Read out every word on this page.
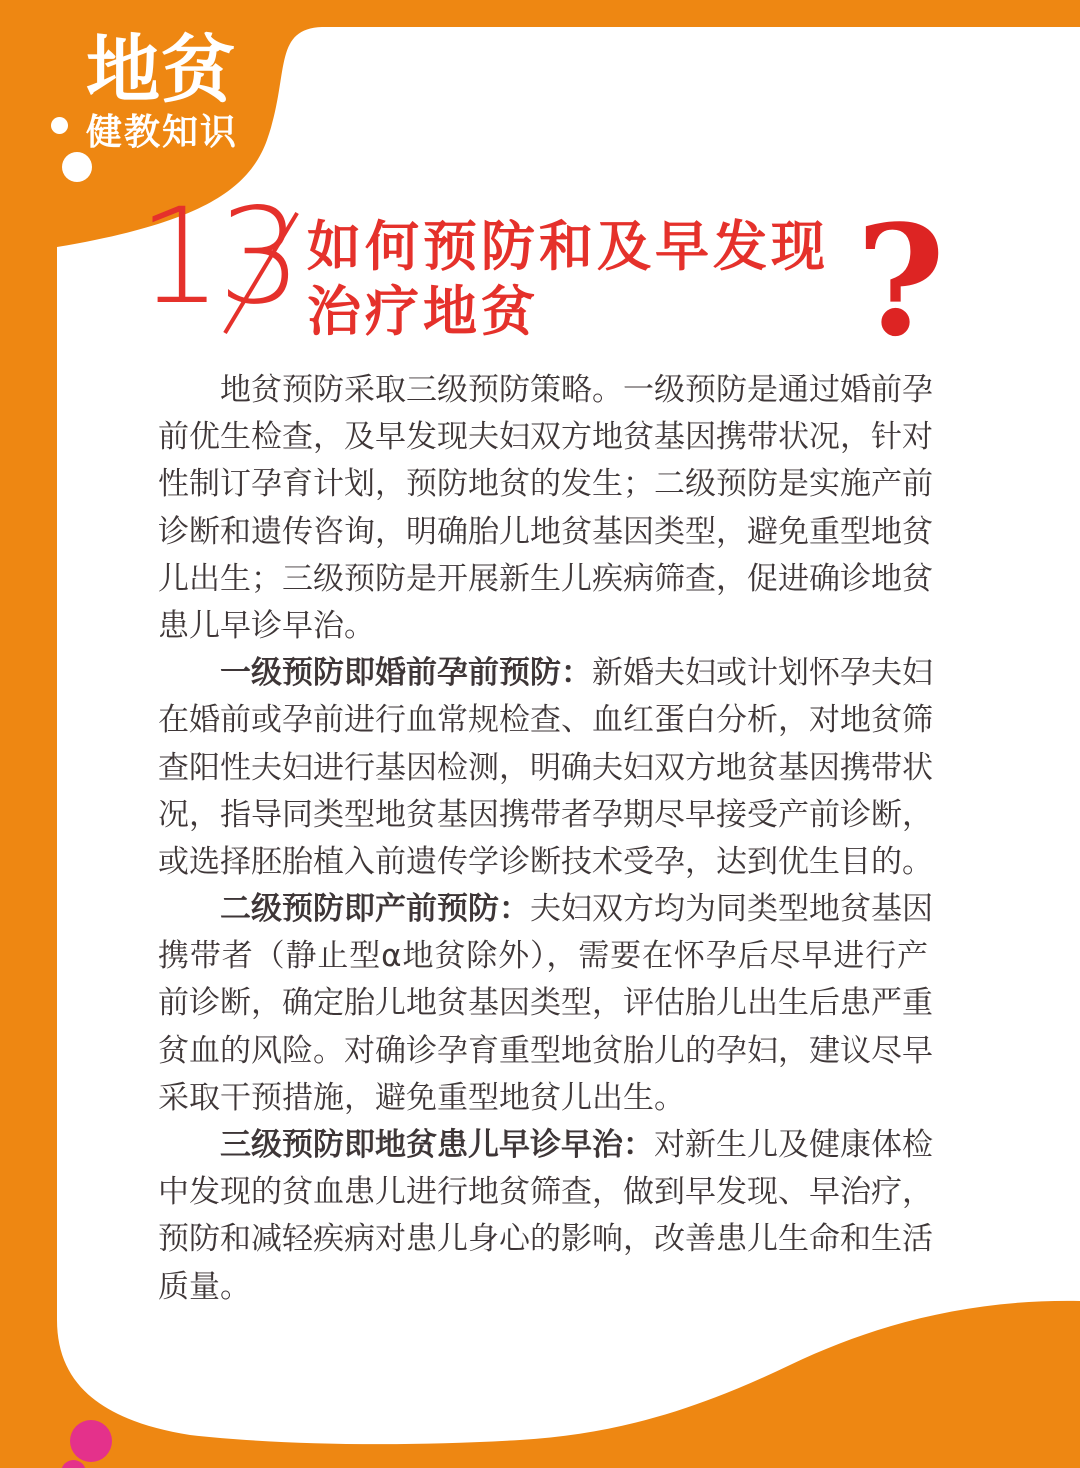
地贫
健教知识
13 如何预防和及早发现
治疗地贫	?
地贫预防采取三级预防策略。一级预防是通过婚前孕
前优生检查，及早发现夫妇双方地贫基因携带状况，针对
性制订孕育计划，预防地贫的发生；二级预防是实施产前
诊断和遗传咨询，明确胎儿地贫基因类型，避免重型地贫
儿出生；三级预防是开展新生儿疾病筛查，促进确诊地贫
患儿早诊早治。
一级预防即婚前孕前预防：新婚夫妇或计划怀孕夫妇
在婚前或孕前进行血常规检查、血红蛋白分析，对地贫筛
查阳性夫妇进行基因检测，明确夫妇双方地贫基因携带状
况，指导同类型地贫基因携带者孕期尽早接受产前诊断，
或选择胚胎植入前遗传学诊断技术受孕，达到优生目的。
二级预防即产前预防：夫妇双方均为同类型地贫基因
携带者（静止型α地贫除外），需要在怀孕后尽早进行产
前诊断，确定胎儿地贫基因类型，评估胎儿出生后患严重
贫血的风险。对确诊孕育重型地贫胎儿的孕妇，建议尽早
采取干预措施，避免重型地贫儿出生。
三级预防即地贫患儿早诊早治：对新生儿及健康体检
中发现的贫血患儿进行地贫筛查，做到早发现、早治疗，
预防和减轻疾病对患儿身心的影响，改善患儿生命和生活
质量。
